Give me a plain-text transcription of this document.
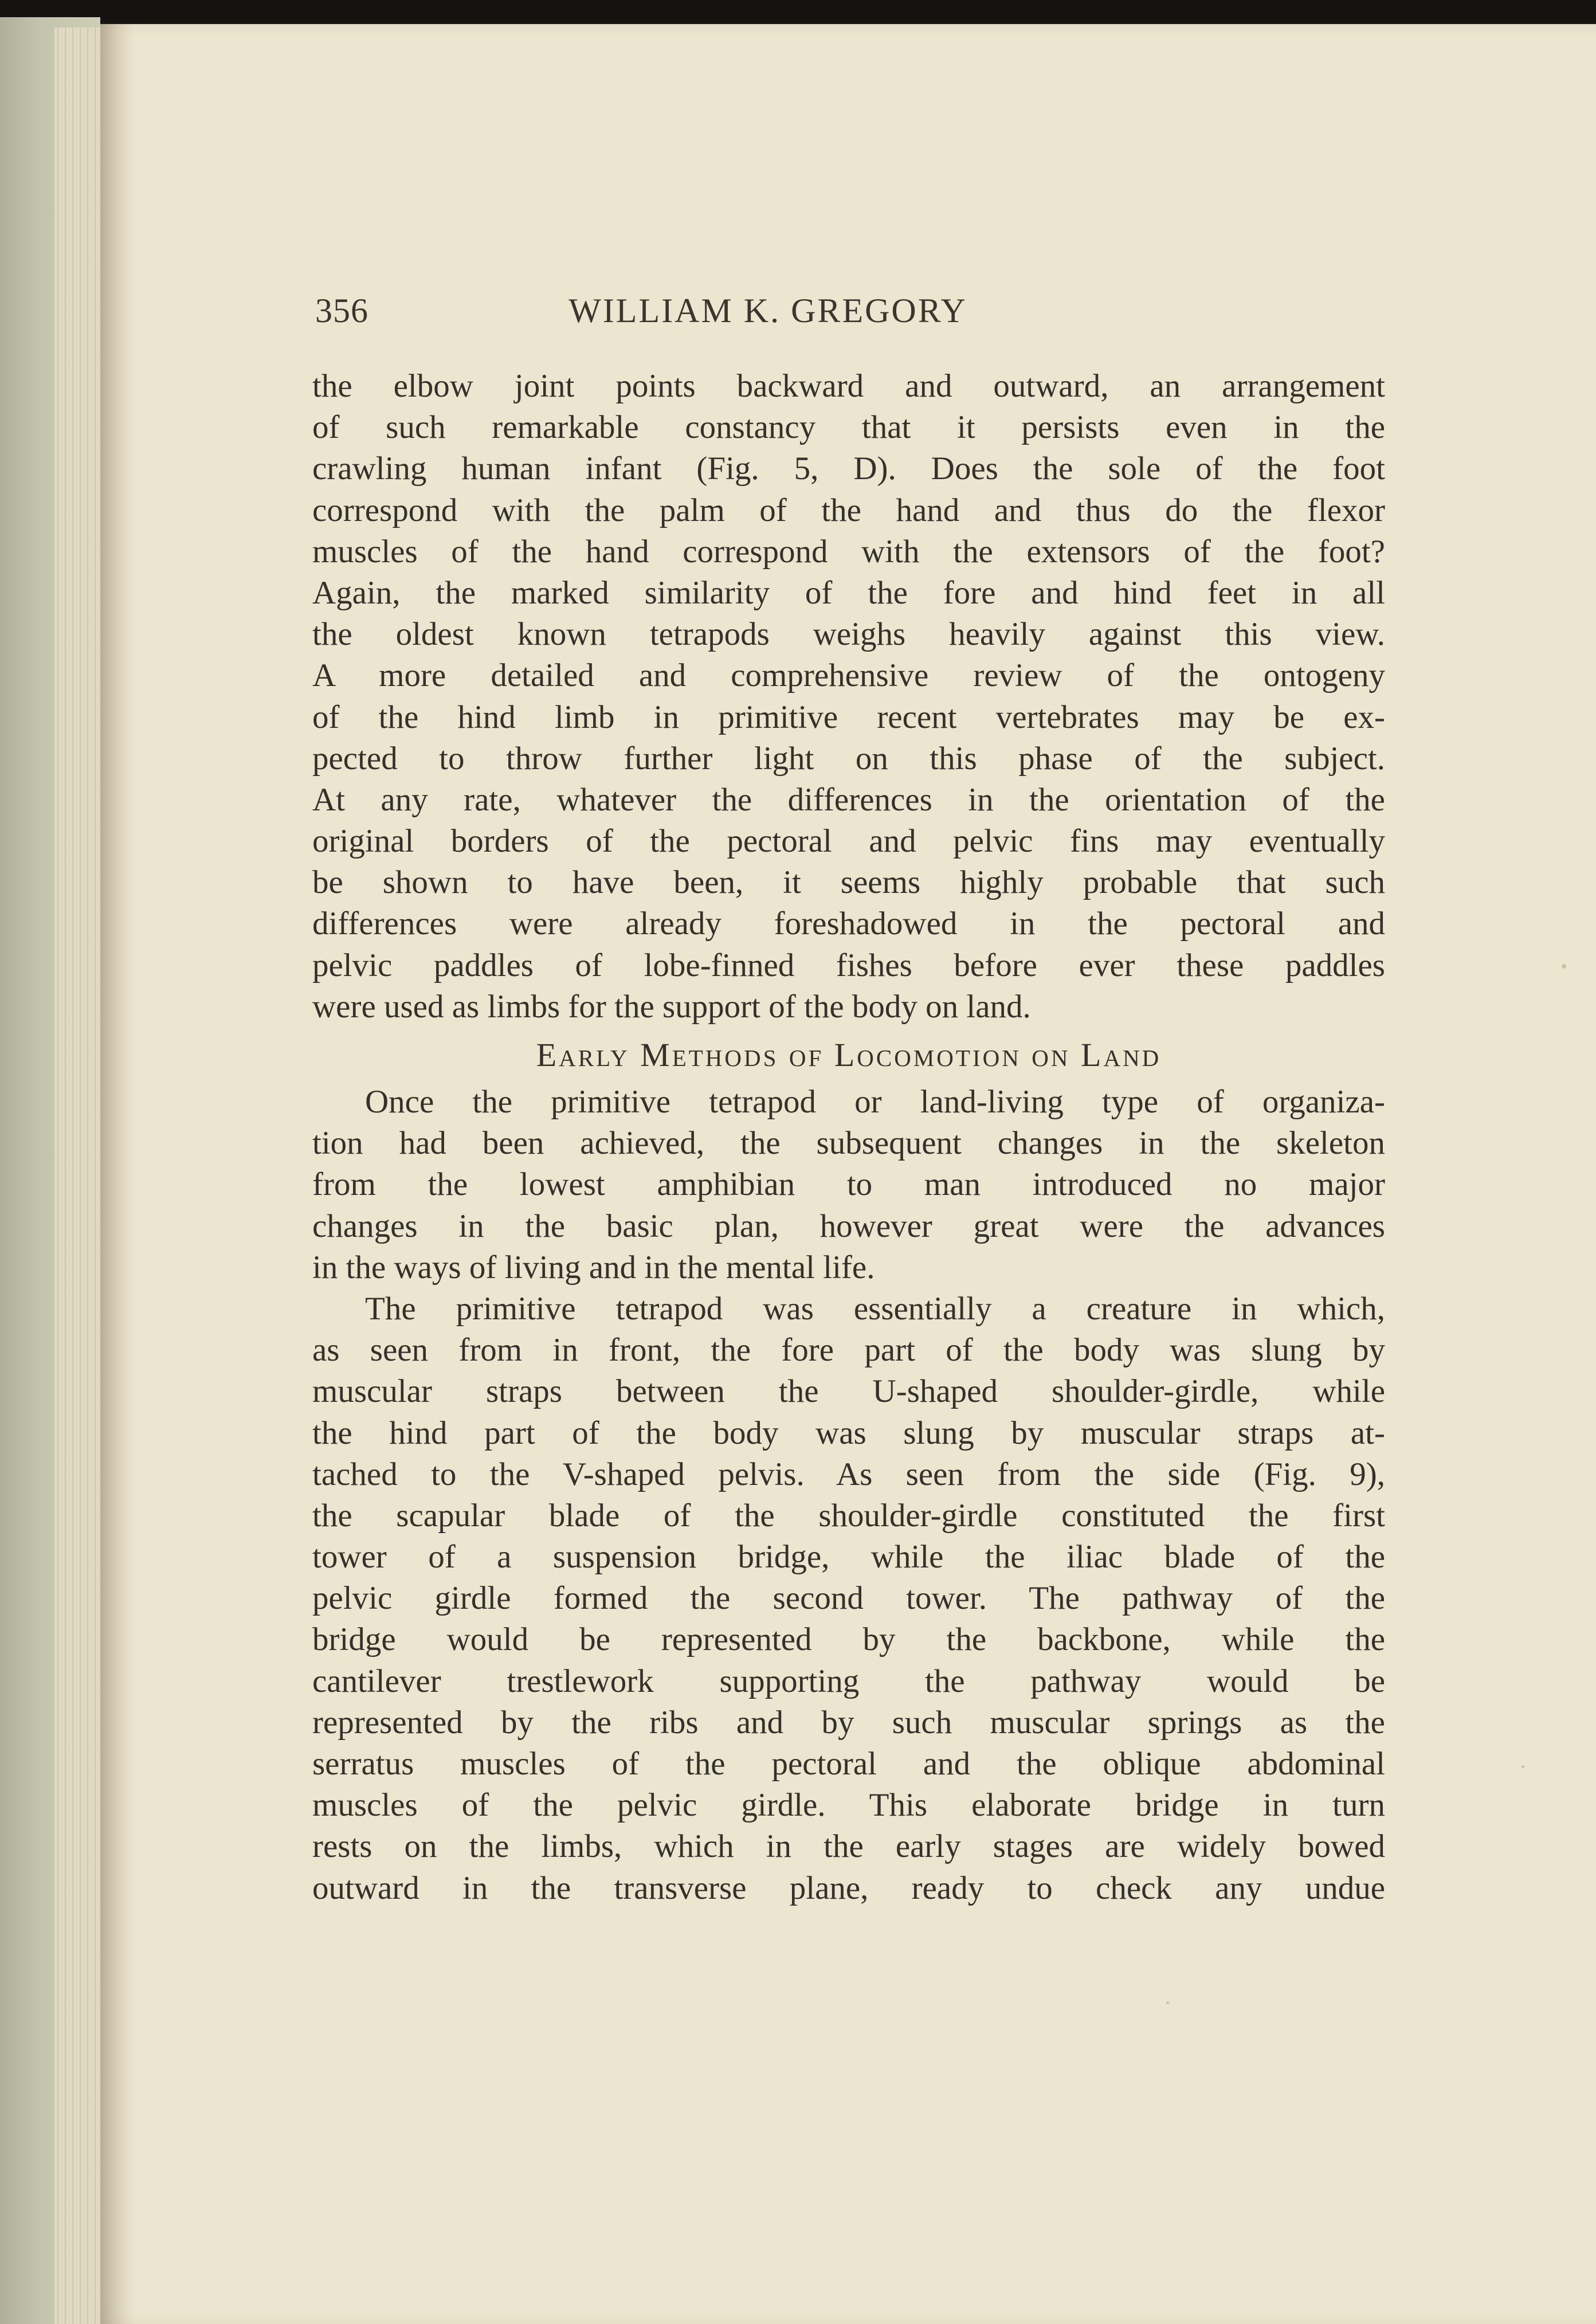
356	WILLIAM K. GREGORY
the elbow joint points backward and outward, an arrangement
of such remarkable constancy that it persists even in the
crawling human infant (Fig. 5, D). Does the sole of the foot
correspond with the palm of the hand and thus do the flexor
muscles of the hand correspond with the extensors of the foot?
Again, the marked similarity of the fore and hind feet in all
the oldest known tetrapods weighs heavily against this view.
A more detailed and comprehensive review of the ontogeny
of the hind limb in primitive recent vertebrates may be ex-
pected to throw further light on this phase of the subject.
At any rate, whatever the differences in the orientation of the
original borders of the pectoral and pelvic fins may eventually
be shown to have been, it seems highly probable that such
differences were already foreshadowed in the pectoral and
pelvic paddles of lobe-finned fishes before ever these paddles
were used as limbs for the support of the body on land.
Early Methods of Locomotion on Land
Once the primitive tetrapod or land-living type of organiza-
tion had been achieved, the subsequent changes in the skeleton
from the lowest amphibian to man introduced no major
changes in the basic plan, however great were the advances
in the ways of living and in the mental life.
The primitive tetrapod was essentially a creature in which,
as seen from in front, the fore part of the body was slung by
muscular straps between the U-shaped shoulder-girdle, while
the hind part of the body was slung by muscular straps at-
tached to the V-shaped pelvis. As seen from the side (Fig. 9),
the scapular blade of the shoulder-girdle constituted the first
tower of a suspension bridge, while the iliac blade of the
pelvic girdle formed the second tower. The pathway of the
bridge would be represented by the backbone, while the
cantilever trestlework supporting the pathway would be
represented by the ribs and by such muscular springs as the
serratus muscles of the pectoral and the oblique abdominal
muscles of the pelvic girdle. This elaborate bridge in turn
rests on the limbs, which in the early stages are widely bowed
outward in the transverse plane, ready to check any undue
